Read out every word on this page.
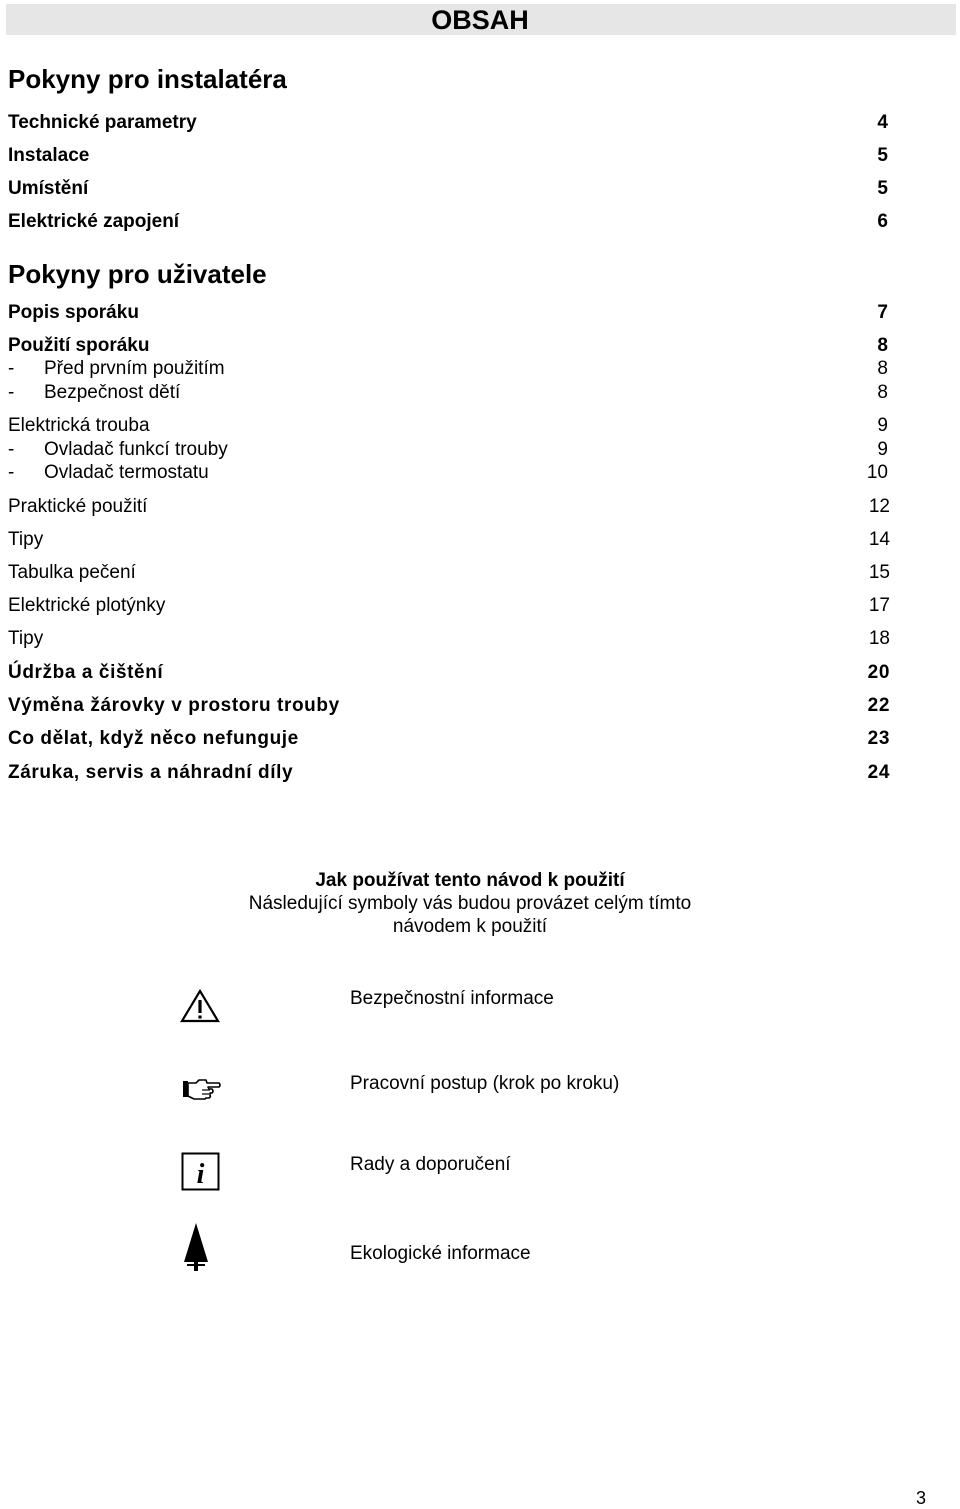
OBSAH
Pokyny pro instalatéra
Technické parametry	4
Instalace	5
Umístění	5
Elektrické zapojení	6
Pokyny pro uživatele
Popis sporáku	7
Použití sporáku	8
- Před prvním použitím	8
- Bezpečnost dětí	8
Elektrická trouba	9
- Ovladač funkcí trouby	9
- Ovladač termostatu	10
Praktické použití	12
Tipy	14
Tabulka pečení	15
Elektrické plotýnky	17
Tipy	18
Údržba a čištění	20
Výměna žárovky v prostoru trouby	22
Co dělat, když něco nefunguje	23
Záruka, servis a náhradní díly	24
Jak používat tento návod k použití
Následující symboly vás budou provázet celým tímto
návodem k použití
Bezpečnostní informace
Pracovní postup (krok po kroku)
i	Rady a doporučení
Ekologické informace
3
